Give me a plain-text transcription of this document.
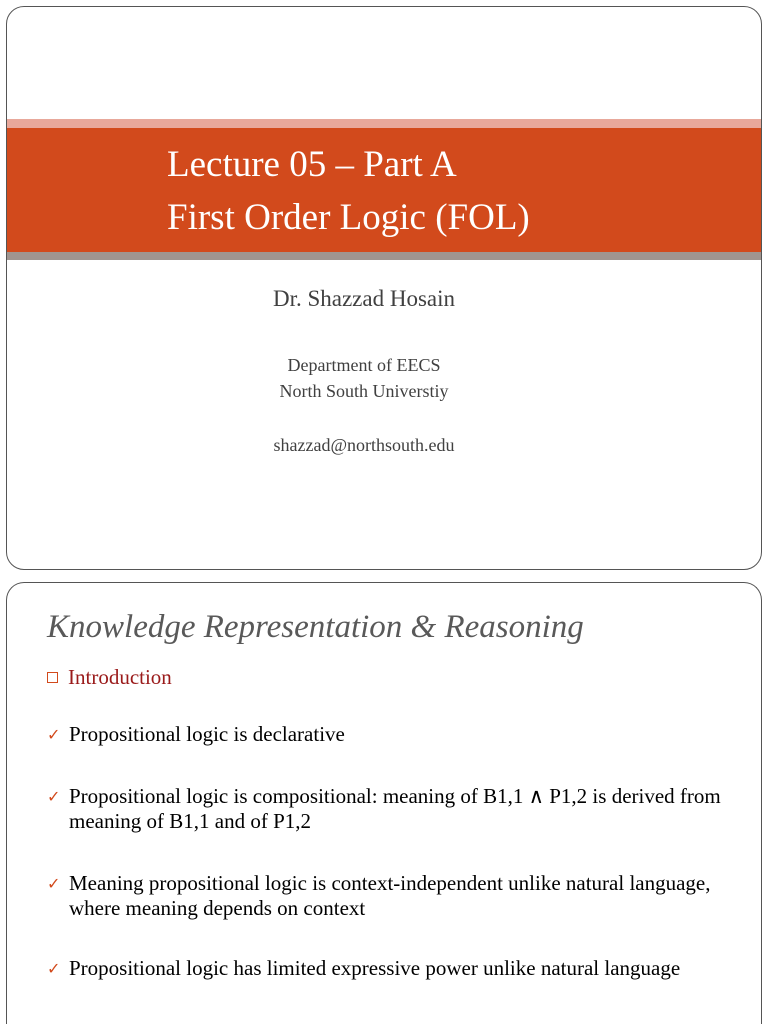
Lecture 05 – Part A
First Order Logic (FOL)
Dr. Shazzad Hosain
Department of EECS
North South Universtiy
shazzad@northsouth.edu
Knowledge Representation & Reasoning
Introduction
✓ Propositional logic is declarative
✓ Propositional logic is compositional: meaning of B1,1 ∧ P1,2 is derived from meaning of B1,1 and of P1,2
✓ Meaning propositional logic is context-independent unlike natural language, where meaning depends on context
✓ Propositional logic has limited expressive power unlike natural language
